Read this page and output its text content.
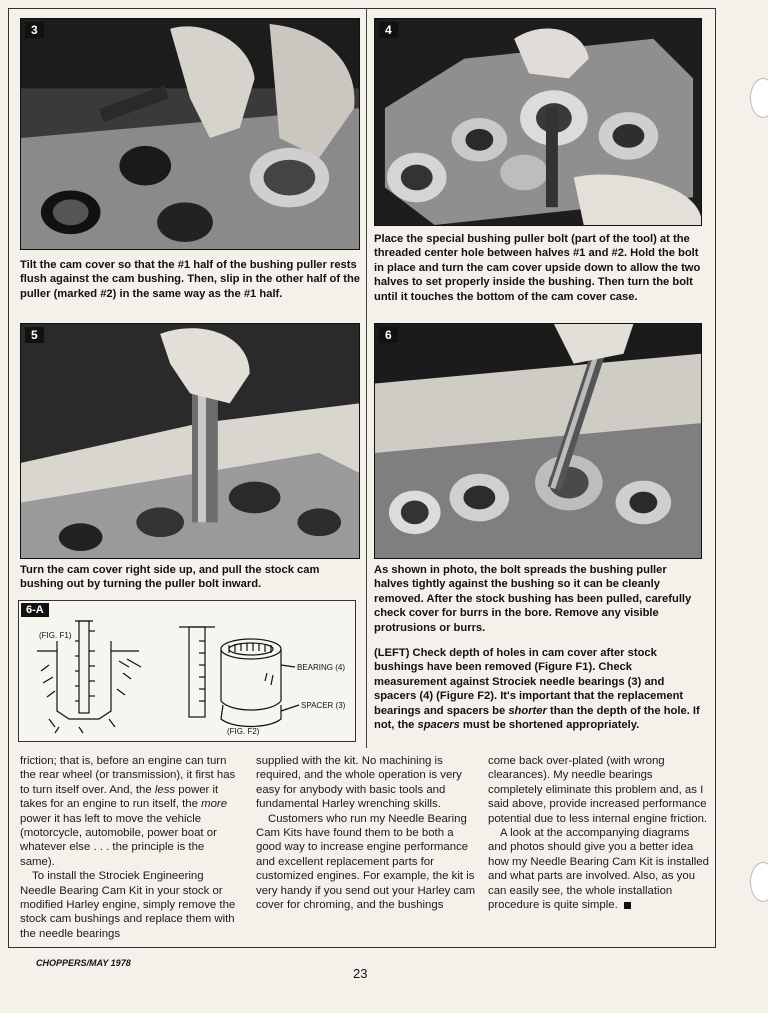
3
Tilt the cam cover so that the #1 half of the bushing puller rests flush against the cam bushing. Then, slip in the other half of the puller (marked #2) in the same way as the #1 half.
4
Place the special bushing puller bolt (part of the tool) at the threaded center hole between halves #1 and #2. Hold the bolt in place and turn the cam cover upside down to allow the two halves to set properly inside the bushing. Then turn the bolt until it touches the bottom of the cam cover case.
5
Turn the cam cover right side up, and pull the stock cam bushing out by turning the puller bolt inward.
6
As shown in photo, the bolt spreads the bushing puller halves tightly against the bushing so it can be cleanly removed. After the stock bushing has been pulled, carefully check cover for burrs in the bore. Remove any visible protrusions or burrs.
6-A
(FIG. F1)
(FIG. F2)
BEARING (4)
SPACER (3)
(LEFT) Check depth of holes in cam cover after stock bushings have been removed (Figure F1). Check measurement against Strociek needle bearings (3) and spacers (4) (Figure F2). It's important that the replacement bearings and spacers be shorter than the depth of the hole. If not, the spacers must be shortened appropriately.

friction; that is, before an engine can turn the rear wheel (or transmission), it first has to turn itself over. And, the less power it takes for an engine to run itself, the more power it has left to move the vehicle (motorcycle, automobile, power boat or whatever else . . . the principle is the same).

To install the Strociek Engineering Needle Bearing Cam Kit in your stock or modified Harley engine, simply remove the stock cam bushings and replace them with the needle bearings

supplied with the kit. No machining is required, and the whole operation is very easy for anybody with basic tools and fundamental Harley wrenching skills.

Customers who run my Needle Bearing Cam Kits have found them to be both a good way to increase engine performance and excellent replacement parts for customized engines. For example, the kit is very handy if you send out your Harley cam cover for chroming, and the bushings

come back over-plated (with wrong clearances). My needle bearings completely eliminate this problem and, as I said above, provide increased performance potential due to less internal engine friction.

A look at the accompanying diagrams and photos should give you a better idea how my Needle Bearing Cam Kit is installed and what parts are involved. Also, as you can easily see, the whole installation procedure is quite simple.

CHOPPERS/MAY 1978
23
